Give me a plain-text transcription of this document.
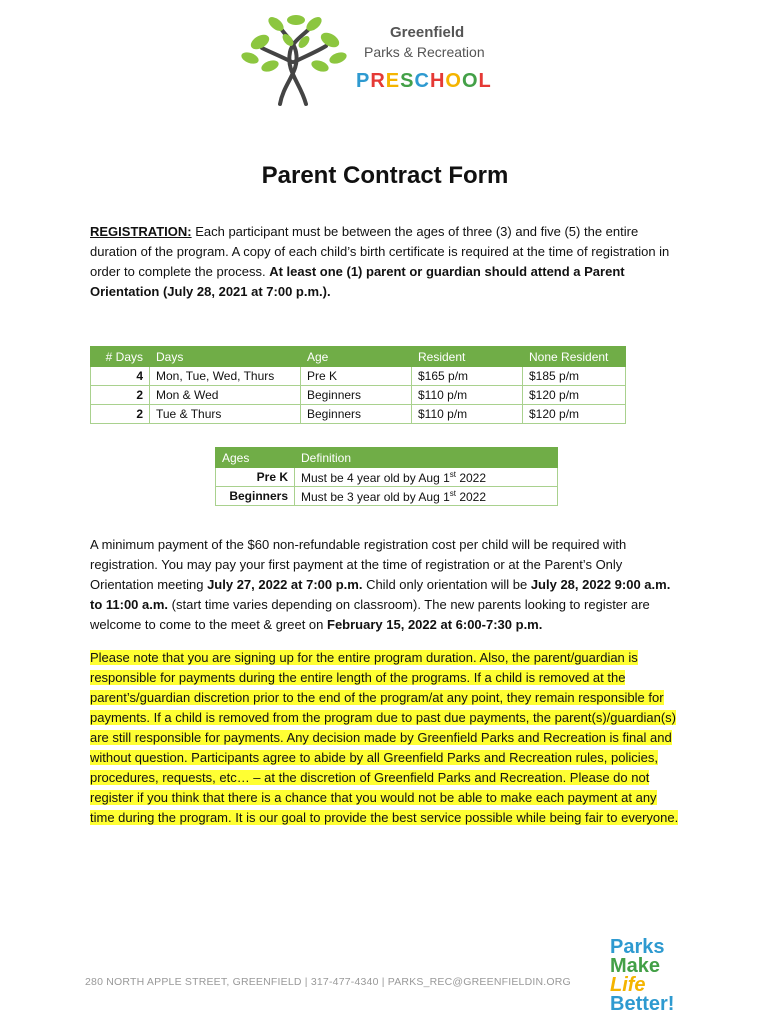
Greenfield
Parks & Recreation
PRESCHOOL
Parent Contract Form
REGISTRATION: Each participant must be between the ages of three (3) and five (5) the entire duration of the program. A copy of each child’s birth certificate is required at the time of registration in order to complete the process. At least one (1) parent or guardian should attend a Parent Orientation (July 28, 2021 at 7:00 p.m.).
# Days	Days	Age	Resident	None Resident
4	Mon, Tue, Wed, Thurs	Pre K	$165 p/m	$185 p/m
2	Mon & Wed	Beginners	$110 p/m	$120 p/m
2	Tue & Thurs	Beginners	$110 p/m	$120 p/m
Ages	Definition
Pre K	Must be 4 year old by Aug 1st 2022
Beginners	Must be 3 year old by Aug 1st 2022
A minimum payment of the $60 non-refundable registration cost per child will be required with registration. You may pay your first payment at the time of registration or at the Parent’s Only Orientation meeting July 27, 2022 at 7:00 p.m. Child only orientation will be July 28, 2022 9:00 a.m. to 11:00 a.m. (start time varies depending on classroom). The new parents looking to register are welcome to come to the meet & greet on February 15, 2022 at 6:00-7:30 p.m.
Please note that you are signing up for the entire program duration. Also, the parent/guardian is responsible for payments during the entire length of the programs. If a child is removed at the parent’s/guardian discretion prior to the end of the program/at any point, they remain responsible for payments. If a child is removed from the program due to past due payments, the parent(s)/guardian(s) are still responsible for payments. Any decision made by Greenfield Parks and Recreation is final and without question. Participants agree to abide by all Greenfield Parks and Recreation rules, policies, procedures, requests, etc… – at the discretion of Greenfield Parks and Recreation. Please do not register if you think that there is a chance that you would not be able to make each payment at any time during the program. It is our goal to provide the best service possible while being fair to everyone.
280 NORTH APPLE STREET, GREENFIELD | 317-477-4340 | PARKS_REC@GREENFIELDIN.ORG
Parks
Make
Life
Better!
